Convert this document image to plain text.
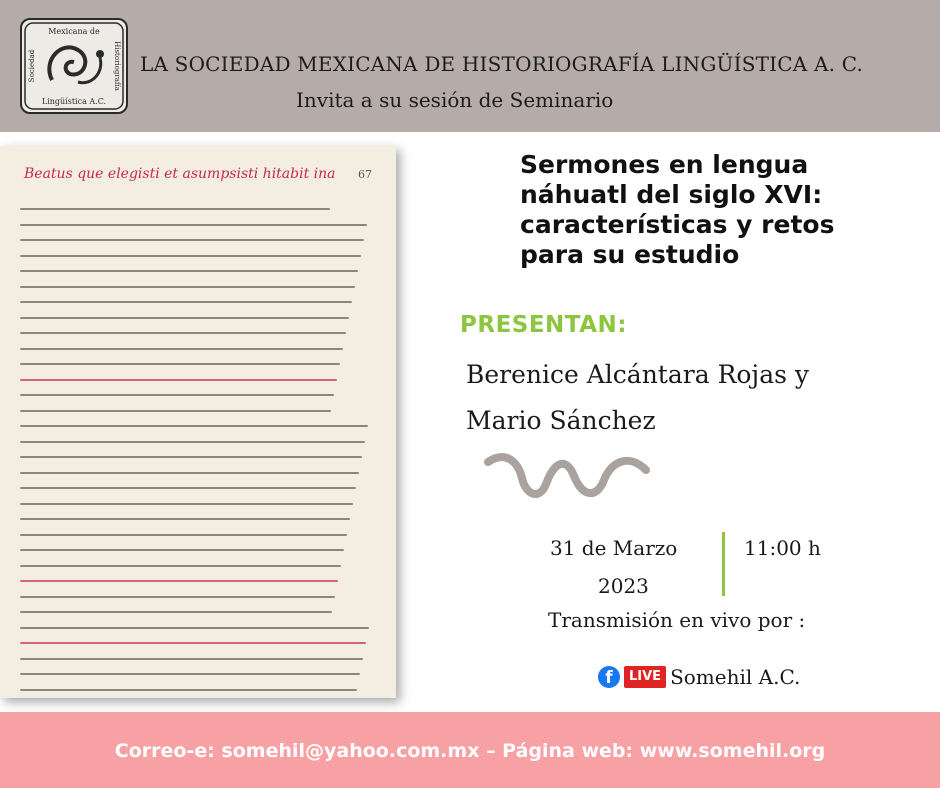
Mexicana de
Lingüística A.C.
Sociedad	Historiografía LA SOCIEDAD MEXICANA DE HISTORIOGRAFÍA LINGÜÍSTICA A. C.
Invita a su sesión de Seminario
67
Beatus que elegisti et asumpsisti hitabit ina	Sermones en lengua
náhuatl del siglo XVI:
características y retos
para su estudio
PRESENTAN:
Berenice Alcántara Rojas y
Mario Sánchez
31 de Marzo
2023
11:00 h
Transmisión en vivo por :
f	LIVE Somehil A.C.
Correo-e: somehil@yahoo.com.mx – Página web: www.somehil.org
